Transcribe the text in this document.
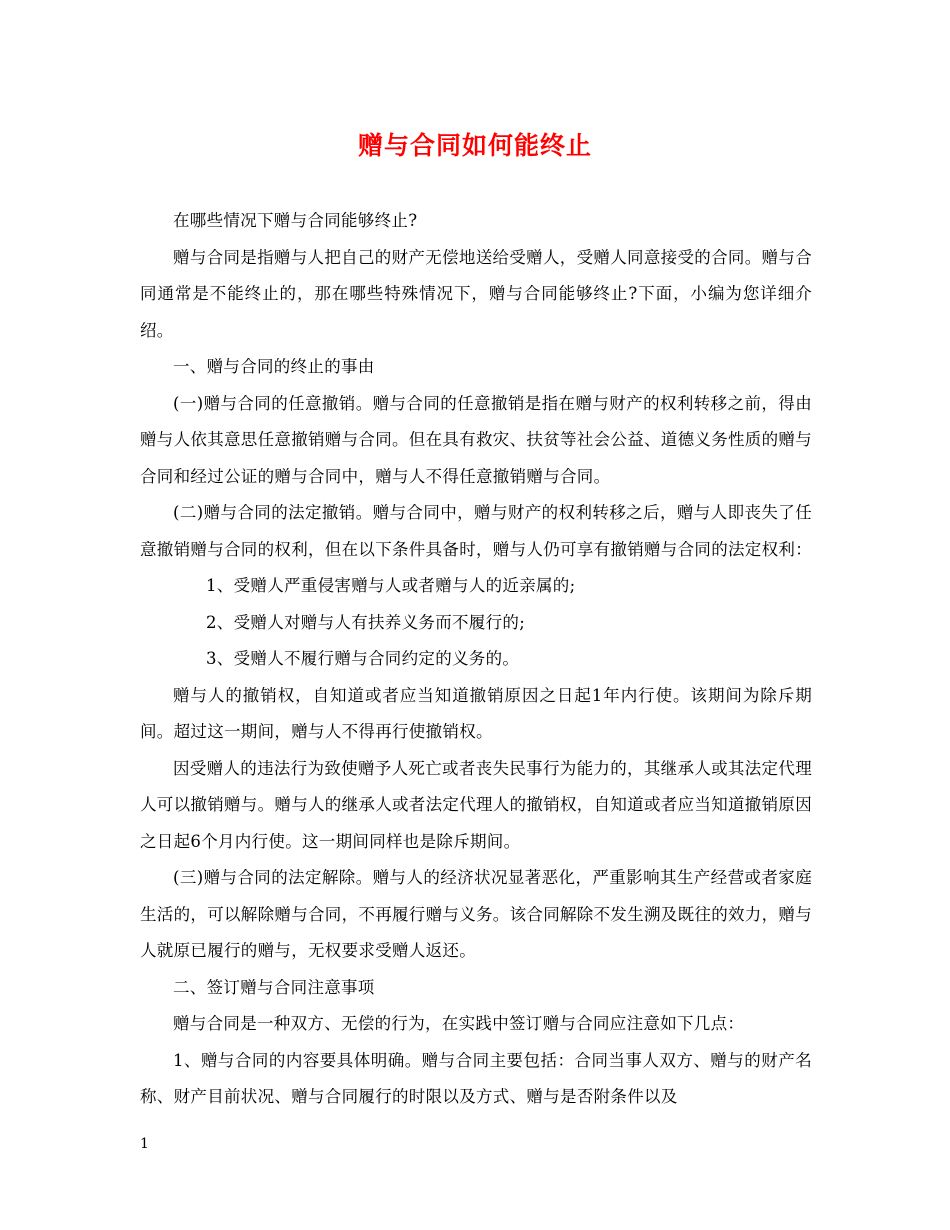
赠与合同如何能终止

在哪些情况下赠与合同能够终止?

赠与合同是指赠与人把自己的财产无偿地送给受赠人，受赠人同意接受的合同。赠与合同通常是不能终止的，那在哪些特殊情况下，赠与合同能够终止?下面，小编为您详细介绍。

一、赠与合同的终止的事由

(一)赠与合同的任意撤销。赠与合同的任意撤销是指在赠与财产的权利转移之前，得由赠与人依其意思任意撤销赠与合同。但在具有救灾、扶贫等社会公益、道德义务性质的赠与合同和经过公证的赠与合同中，赠与人不得任意撤销赠与合同。

(二)赠与合同的法定撤销。赠与合同中，赠与财产的权利转移之后，赠与人即丧失了任意撤销赠与合同的权利，但在以下条件具备时，赠与人仍可享有撤销赠与合同的法定权利：

1、受赠人严重侵害赠与人或者赠与人的近亲属的;

2、受赠人对赠与人有扶养义务而不履行的;

3、受赠人不履行赠与合同约定的义务的。

赠与人的撤销权，自知道或者应当知道撤销原因之日起1年内行使。该期间为除斥期间。超过这一期间，赠与人不得再行使撤销权。

因受赠人的违法行为致使赠予人死亡或者丧失民事行为能力的，其继承人或其法定代理人可以撤销赠与。赠与人的继承人或者法定代理人的撤销权，自知道或者应当知道撤销原因之日起6个月内行使。这一期间同样也是除斥期间。

(三)赠与合同的法定解除。赠与人的经济状况显著恶化，严重影响其生产经营或者家庭生活的，可以解除赠与合同，不再履行赠与义务。该合同解除不发生溯及既往的效力，赠与人就原已履行的赠与，无权要求受赠人返还。

二、签订赠与合同注意事项

赠与合同是一种双方、无偿的行为，在实践中签订赠与合同应注意如下几点：

1、赠与合同的内容要具体明确。赠与合同主要包括：合同当事人双方、赠与的财产名称、财产目前状况、赠与合同履行的时限以及方式、赠与是否附条件以及

1
